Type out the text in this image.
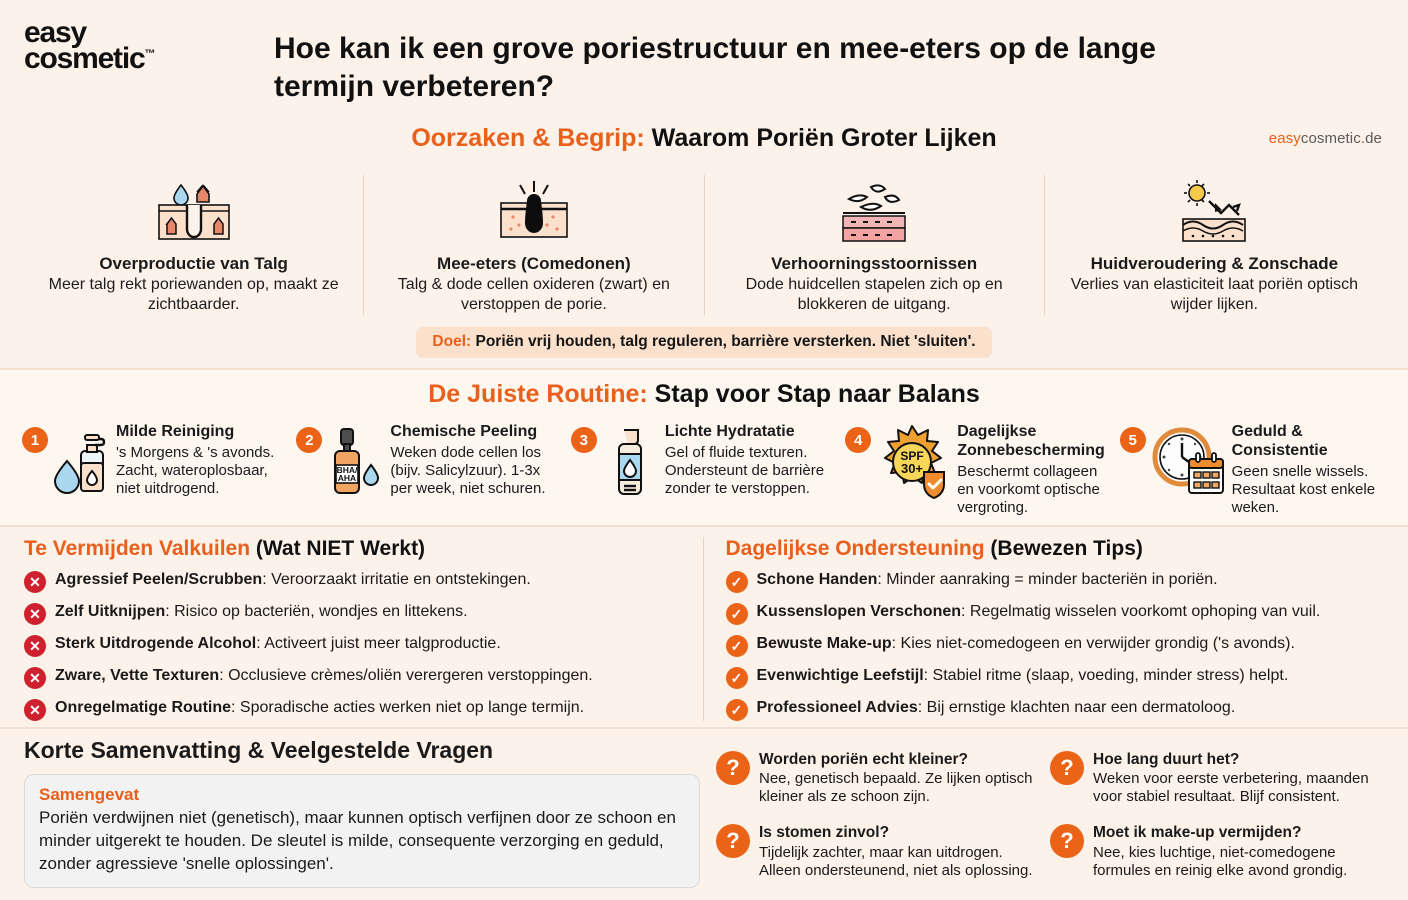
easy
cosmetic™	Hoe kan ik een grove poriestructuur en mee-eters op de lange termijn verbeteren?
easycosmetic.de
Oorzaken & Begrip: Waarom Poriën Groter Lijken
Overproductie van Talg
Meer talg rekt poriewanden op, maakt ze zichtbaarder.
Mee-eters (Comedonen)
Talg & dode cellen oxideren (zwart) en verstoppen de porie.
Verhoorningsstoornissen
Dode huidcellen stapelen zich op en blokkeren de uitgang.
Huidveroudering & Zonschade
Verlies van elasticiteit laat poriën optisch wijder lijken.
Doel: Poriën vrij houden, talg reguleren, barrière versterken. Niet 'sluiten'.
De Juiste Routine: Stap voor Stap naar Balans
1	Milde Reiniging
's Morgens & 's avonds. Zacht, wateroplosbaar, niet uitdrogend.
2
BHA/
AHA
Chemische Peeling
Weken dode cellen los (bijv. Salicylzuur). 1-3x per week, niet schuren.
3	Lichte Hydratatie
Gel of fluide texturen. Ondersteunt de barrière zonder te verstoppen.
4
SPF
30+
Dagelijkse Zonnebescherming
Beschermt collageen en voorkomt optische vergroting.
5	Geduld & Consistentie
Geen snelle wissels. Resultaat kost enkele weken.
Te Vermijden Valkuilen (Wat NIET Werkt)
✕ Agressief Peelen/Scrubben: Veroorzaakt irritatie en ontstekingen.
✕ Zelf Uitknijpen: Risico op bacteriën, wondjes en littekens.
✕ Sterk Uitdrogende Alcohol: Activeert juist meer talgproductie.
✕ Zware, Vette Texturen: Occlusieve crèmes/oliën verergeren verstoppingen.
✕ Onregelmatige Routine: Sporadische acties werken niet op lange termijn.
Dagelijkse Ondersteuning (Bewezen Tips)
✓ Schone Handen: Minder aanraking = minder bacteriën in poriën.
✓ Kussenslopen Verschonen: Regelmatig wisselen voorkomt ophoping van vuil.
✓ Bewuste Make-up: Kies niet-comedogeen en verwijder grondig ('s avonds).
✓ Evenwichtige Leefstijl: Stabiel ritme (slaap, voeding, minder stress) helpt.
✓ Professioneel Advies: Bij ernstige klachten naar een dermatoloog.
Korte Samenvatting & Veelgestelde Vragen
Samengevat
Poriën verdwijnen niet (genetisch), maar kunnen optisch verfijnen door ze schoon en minder uitgerekt te houden. De sleutel is milde, consequente verzorging en geduld, zonder agressieve 'snelle oplossingen'.
?	Worden poriën echt kleiner?
Nee, genetisch bepaald. Ze lijken optisch kleiner als ze schoon zijn.
?	Hoe lang duurt het?
Weken voor eerste verbetering, maanden voor stabiel resultaat. Blijf consistent.
?	Is stomen zinvol?
Tijdelijk zachter, maar kan uitdrogen. Alleen ondersteunend, niet als oplossing.
?	Moet ik make-up vermijden?
Nee, kies luchtige, niet-comedogene formules en reinig elke avond grondig.
